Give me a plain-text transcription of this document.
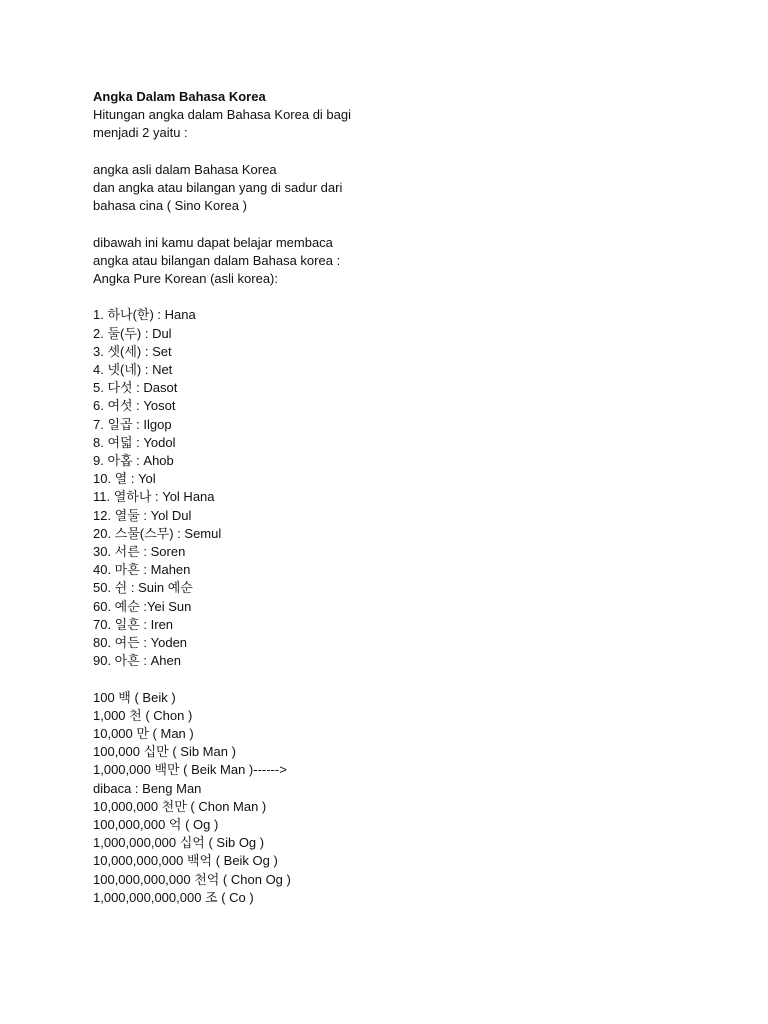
Angka Dalam Bahasa Korea
Hitungan angka dalam Bahasa Korea di bagi
menjadi 2 yaitu :
angka asli dalam Bahasa Korea
dan angka atau bilangan yang di sadur dari
bahasa cina ( Sino Korea )
dibawah ini kamu dapat belajar membaca
angka atau bilangan dalam Bahasa korea :
Angka Pure Korean (asli korea):
1. 하나(한) : Hana
2. 둘(두) : Dul
3. 셋(세) : Set
4. 넷(네) : Net
5. 다섯 : Dasot
6. 여섯 : Yosot
7. 일곱 : Ilgop
8. 여덟 : Yodol
9. 아홉 : Ahob
10. 열 : Yol
11. 열하나 : Yol Hana
12. 열둘 : Yol Dul
20. 스물(스무) : Semul
30. 서른 : Soren
40. 마흔 : Mahen
50. 쉰 : Suin 예순
60. 예순 :Yei Sun
70. 일흔 : Iren
80. 여든 : Yoden
90. 아흔 : Ahen
100 백 ( Beik )
1,000 천 ( Chon )
10,000 만 ( Man )
100,000 십만 ( Sib Man )
1,000,000 백만 ( Beik Man )------>
dibaca : Beng Man
10,000,000 천만 ( Chon Man )
100,000,000 억 ( Og )
1,000,000,000 십억 ( Sib Og )
10,000,000,000 백억 ( Beik Og )
100,000,000,000 천억 ( Chon Og )
1,000,000,000,000 조 ( Co )
